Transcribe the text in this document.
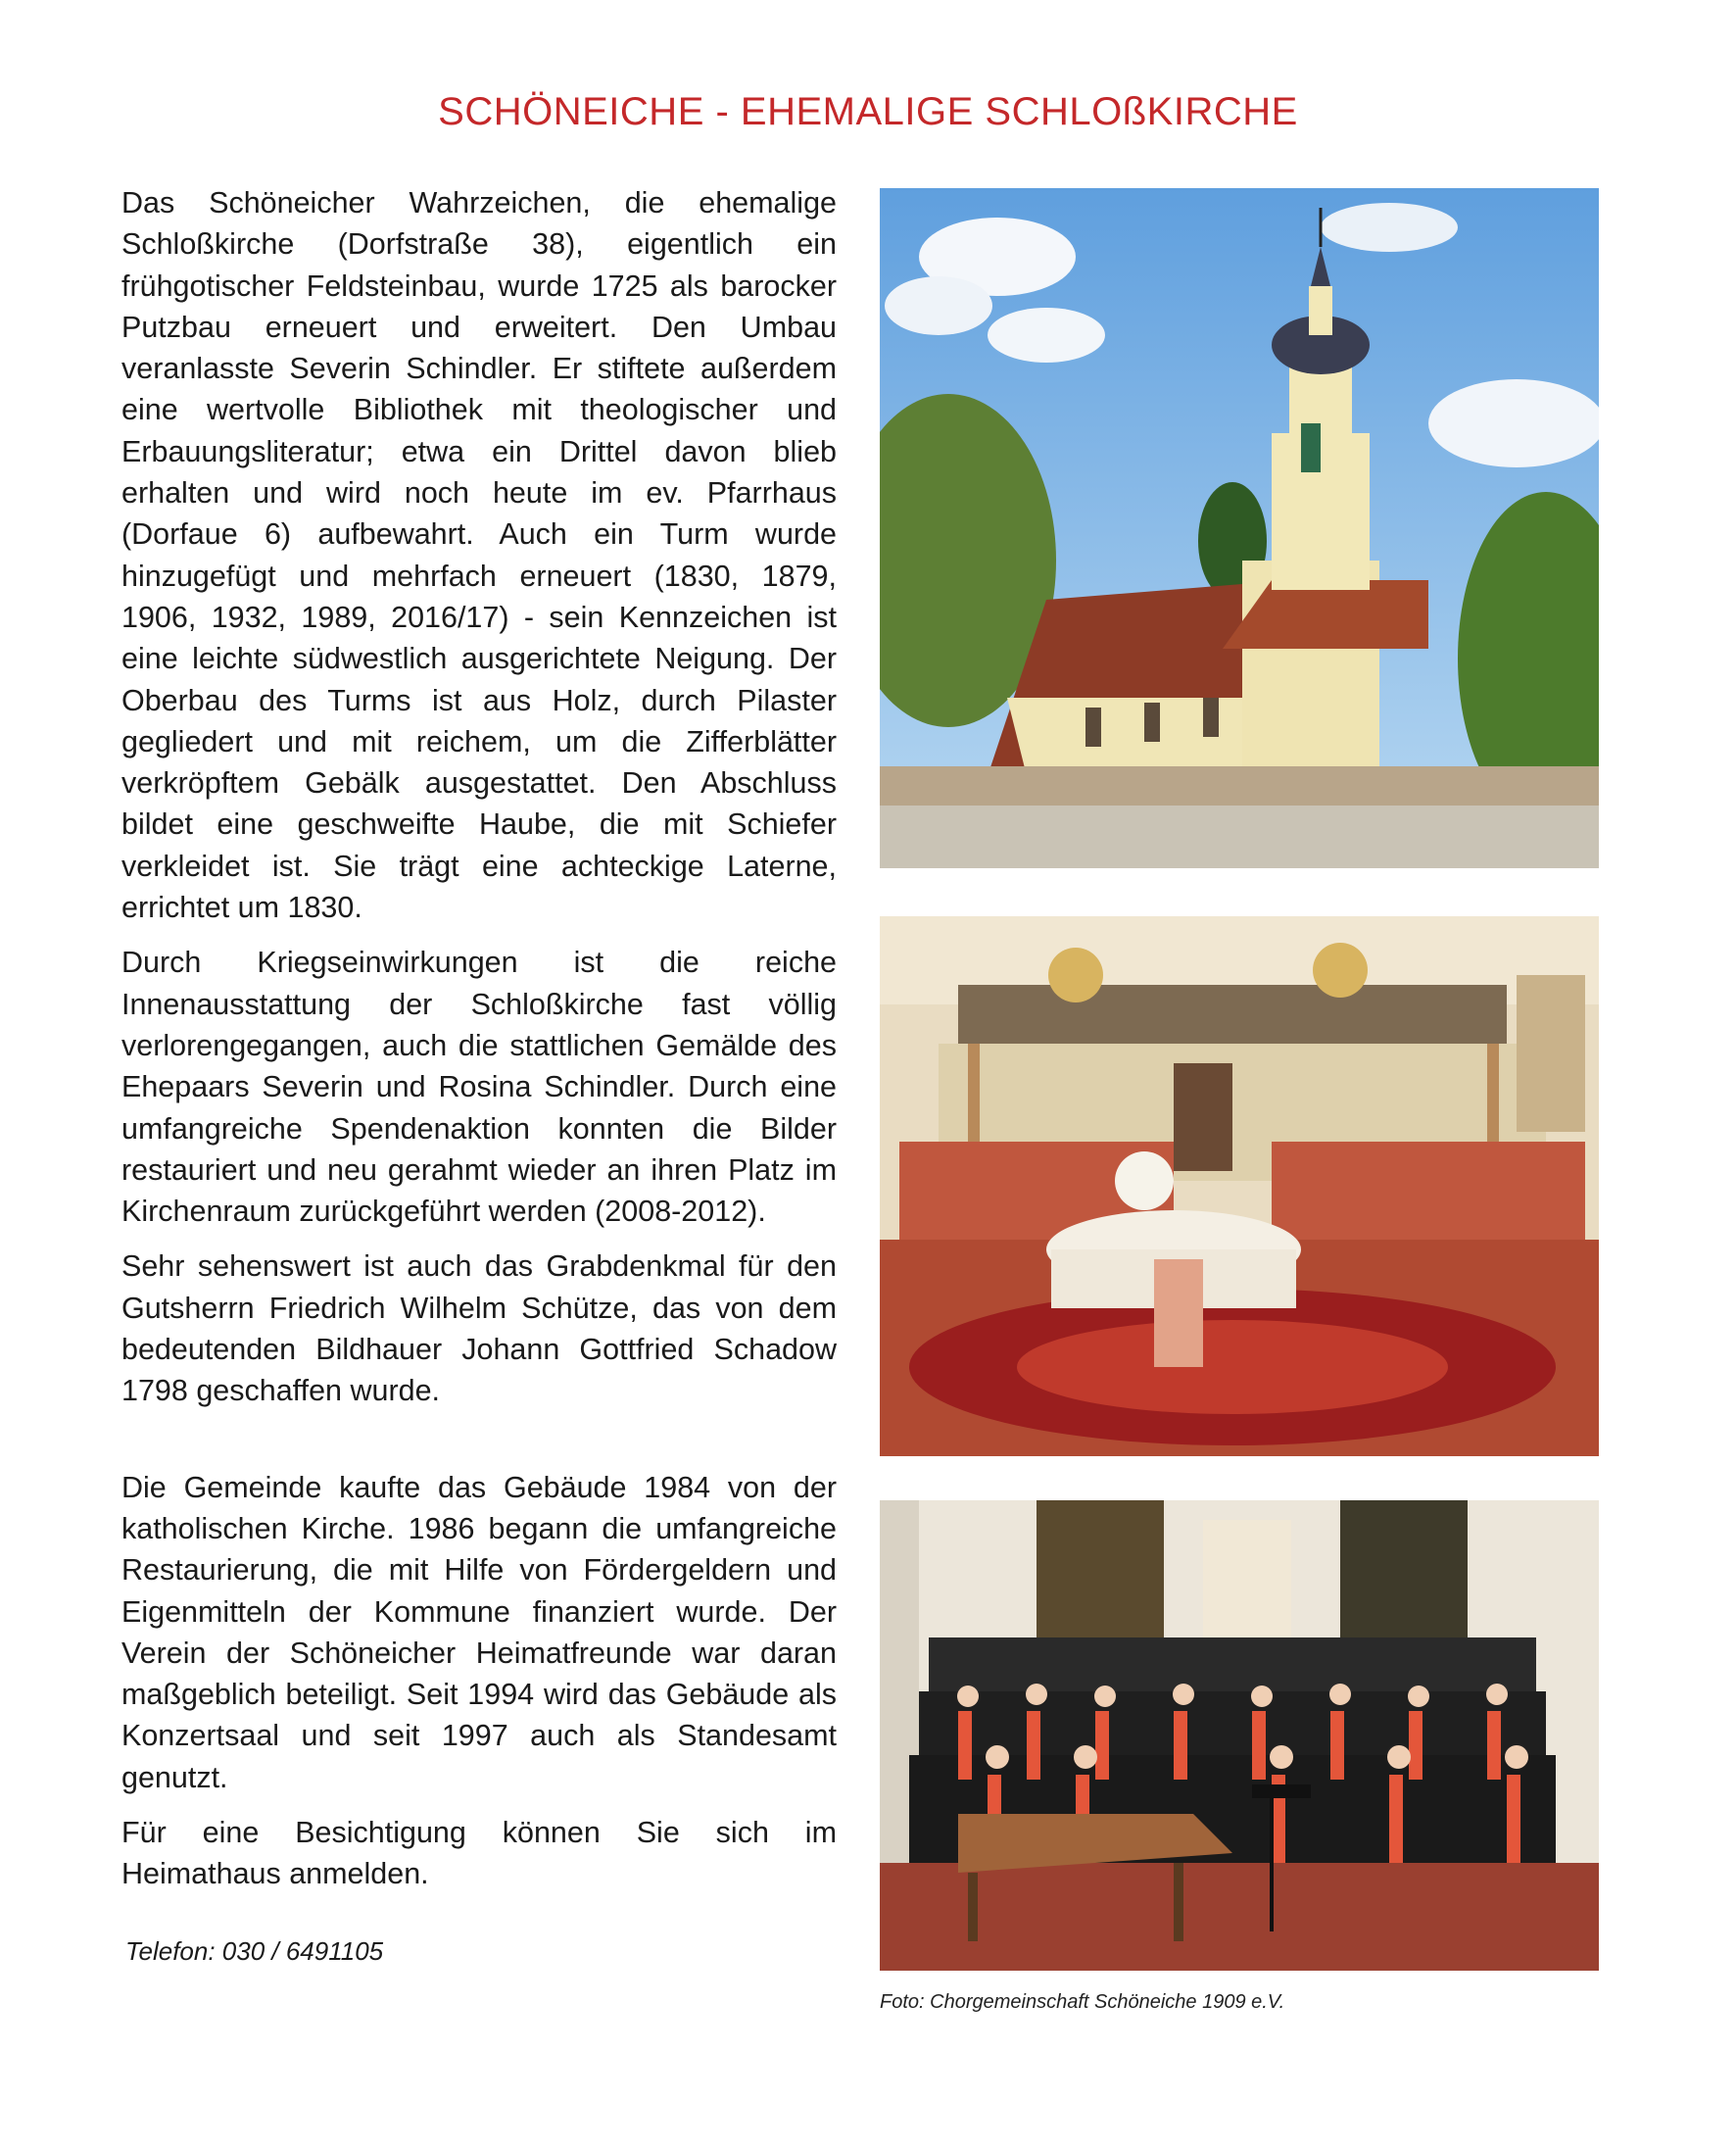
SCHÖNEICHE - EHEMALIGE SCHLOßKIRCHE

Das Schöneicher Wahrzeichen, die ehemalige Schloßkirche (Dorfstraße 38), eigentlich ein frühgotischer Feldsteinbau, wurde 1725 als barocker Putzbau erneuert und erweitert. Den Umbau veranlasste Severin Schindler. Er stiftete außerdem eine wertvolle Bibliothek mit theologischer und Erbauungsliteratur; etwa ein Drittel davon blieb erhalten und wird noch heute im ev. Pfarrhaus (Dorfaue 6) aufbewahrt. Auch ein Turm wurde hinzugefügt und mehrfach erneuert (1830, 1879, 1906, 1932, 1989, 2016/17) - sein Kennzeichen ist eine leichte südwestlich ausgerichtete Neigung. Der Oberbau des Turms ist aus Holz, durch Pilaster gegliedert und mit reichem, um die Zifferblätter verkröpftem Gebälk ausgestattet. Den Abschluss bildet eine geschweifte Haube, die mit Schiefer verkleidet ist. Sie trägt eine achteckige Laterne, errichtet um 1830.

Durch Kriegseinwirkungen ist die reiche Innenausstattung der Schloßkirche fast völlig verlorengegangen, auch die stattlichen Gemälde des Ehepaars Severin und Rosina Schindler. Durch eine umfangreiche Spendenaktion konnten die Bilder restauriert und neu gerahmt wieder an ihren Platz im Kirchenraum zurückgeführt werden (2008-2012).

Sehr sehenswert ist auch das Grabdenkmal für den Gutsherrn Friedrich Wilhelm Schütze, das von dem bedeutenden Bildhauer Johann Gottfried Schadow 1798 geschaffen wurde.

Die Gemeinde kaufte das Gebäude 1984 von der katholischen Kirche. 1986 begann die umfangreiche Restaurierung, die mit Hilfe von Fördergeldern und Eigenmitteln der Kommune finanziert wurde. Der Verein der Schöneicher Heimatfreunde war daran maßgeblich beteiligt. Seit 1994 wird das Gebäude als Konzertsaal und seit 1997 auch als Standesamt genutzt.

Für eine Besichtigung können Sie sich im Heimathaus anmelden.

Telefon: 030 / 6491105
Foto: Chorgemeinschaft Schöneiche 1909 e.V.
